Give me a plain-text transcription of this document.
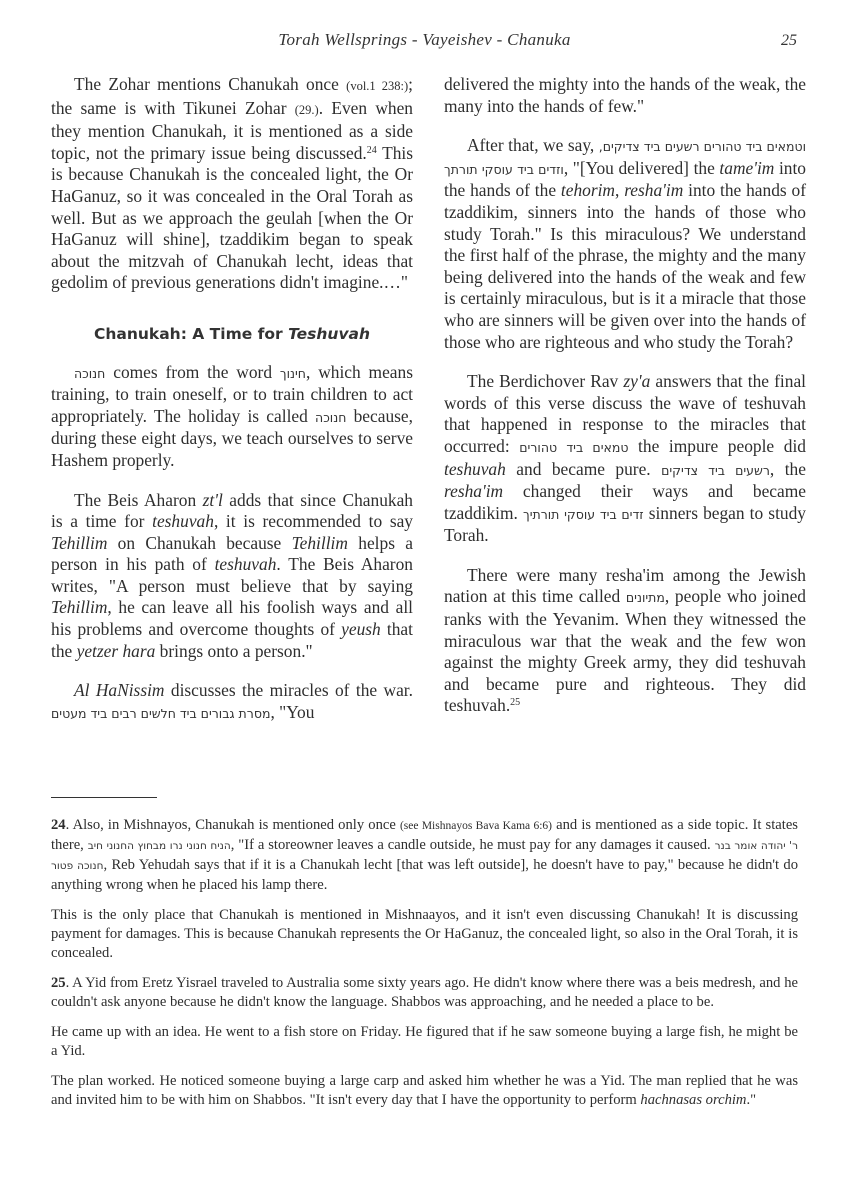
Torah Wellsprings - Vayeishev - Chanuka	25

The Zohar mentions Chanukah once (vol.1 238:); the same is with Tikunei Zohar (29.). Even when they mention Chanukah, it is mentioned as a side topic, not the primary issue being discussed.$^{24}$ This is because Chanukah is the concealed light, the Or HaGanuz, so it was concealed in the Oral Torah as well. But as we approach the geulah [when the Or HaGanuz will shine], tzaddikim began to speak about the mitzvah of Chanukah lecht, ideas that gedolim of previous generations didn't imagine.…"

Chanukah: A Time for Teshuvah

חנוכה comes from the word חינוך, which means training, to train oneself, or to train children to act appropriately. The holiday is called חנוכה because, during these eight days, we teach ourselves to serve Hashem properly.

The Beis Aharon zt'l adds that since Chanukah is a time for teshuvah, it is recommended to say Tehillim on Chanukah because Tehillim helps a person in his path of teshuvah. The Beis Aharon writes, "A person must believe that by saying Tehillim, he can leave all his foolish ways and all his problems and overcome thoughts of yeush that the yetzer hara brings onto a person."

Al HaNissim discusses the miracles of the war. מסרת גבורים ביד חלשים רבים ביד מעטים, "You

delivered the mighty into the hands of the weak, the many into the hands of few."

After that, we say, וטמאים ביד טהורים רשעים ביד צדיקים, וזדים ביד עוסקי תורתך, "[You delivered] the tame'im into the hands of the tehorim, resha'im into the hands of tzaddikim, sinners into the hands of those who study Torah." Is this miraculous? We understand the first half of the phrase, the mighty and the many being delivered into the hands of the weak and few is certainly miraculous, but is it a miracle that those who are sinners will be given over into the hands of those who are righteous and who study the Torah?

The Berdichover Rav zy'a answers that the final words of this verse discuss the wave of teshuvah that happened in response to the miracles that occurred: טמאים ביד טהורים the impure people did teshuvah and became pure. רשעים ביד צדיקים, the resha'im changed their ways and became tzaddikim. זדים ביד עוסקי תורתיך sinners began to study Torah.

There were many resha'im among the Jewish nation at this time called מתיונים, people who joined ranks with the Yevanim. When they witnessed the miraculous war that the weak and the few won against the mighty Greek army, they did teshuvah and became pure and righteous. They did teshuvah.$^{25}$

24. Also, in Mishnayos, Chanukah is mentioned only once (see Mishnayos Bava Kama 6:6) and is mentioned as a side topic. It states there, הניח חנוני נרו מבחוץ החנוני חיב, "If a storeowner leaves a candle outside, he must pay for any damages it caused. ר' יהודה אומר בנר חנוכה פטור, Reb Yehudah says that if it is a Chanukah lecht [that was left outside], he doesn't have to pay," because he didn't do anything wrong when he placed his lamp there.

This is the only place that Chanukah is mentioned in Mishnaayos, and it isn't even discussing Chanukah! It is discussing payment for damages. This is because Chanukah represents the Or HaGanuz, the concealed light, so also in the Oral Torah, it is concealed.

25. A Yid from Eretz Yisrael traveled to Australia some sixty years ago. He didn't know where there was a beis medresh, and he couldn't ask anyone because he didn't know the language. Shabbos was approaching, and he needed a place to be.

He came up with an idea. He went to a fish store on Friday. He figured that if he saw someone buying a large fish, he might be a Yid.

The plan worked. He noticed someone buying a large carp and asked him whether he was a Yid. The man replied that he was and invited him to be with him on Shabbos. "It isn't every day that I have the opportunity to perform hachnasas orchim."
